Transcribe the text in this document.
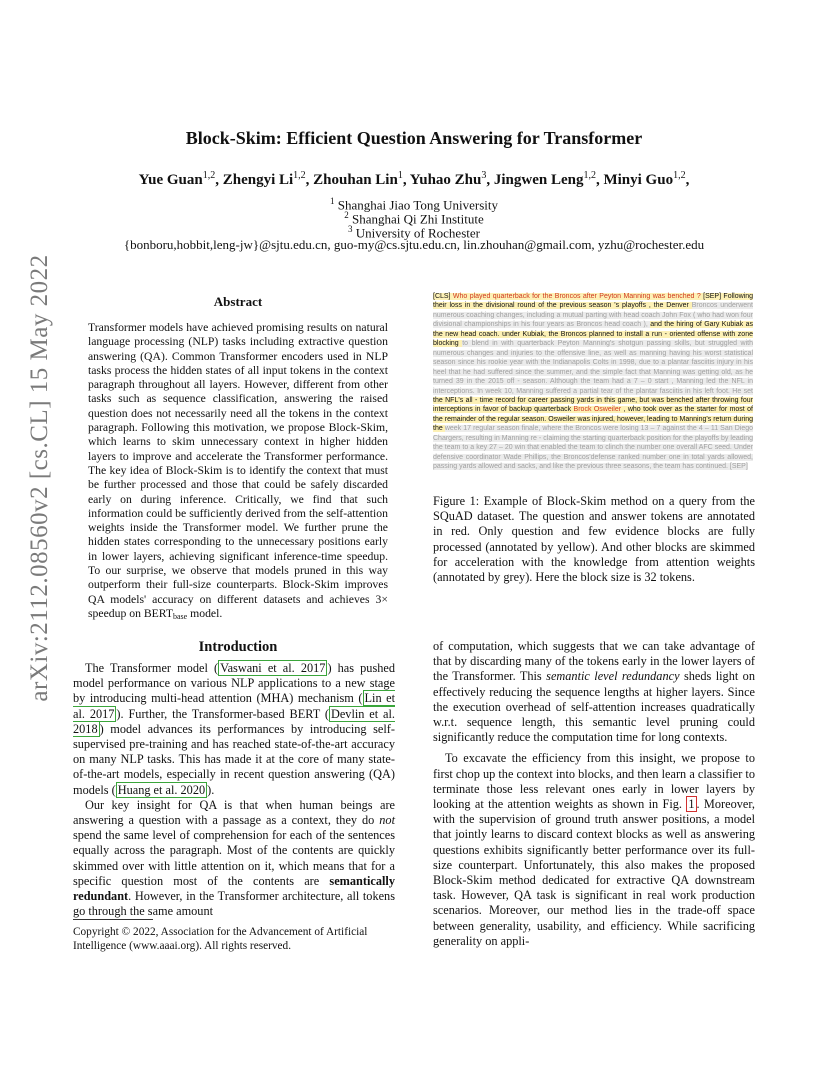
arXiv:2112.08560v2 [cs.CL] 15 May 2022
Block-Skim: Efficient Question Answering for Transformer
Yue Guan$^{1,2}$, Zhengyi Li$^{1,2}$, Zhouhan Lin$^1$, Yuhao Zhu$^3$, Jingwen Leng$^{1,2}$, Minyi Guo$^{1,2}$,
$^1$ Shanghai Jiao Tong University
$^2$ Shanghai Qi Zhi Institute
$^3$ University of Rochester
{bonboru,hobbit,leng-jw}@sjtu.edu.cn, guo-my@cs.sjtu.edu.cn, lin.zhouhan@gmail.com, yzhu@rochester.edu
Abstract

Transformer models have achieved promising results on natural language processing (NLP) tasks including extractive question answering (QA). Common Transformer encoders used in NLP tasks process the hidden states of all input tokens in the context paragraph throughout all layers. However, different from other tasks such as sequence classification, answering the raised question does not necessarily need all the tokens in the context paragraph. Following this motivation, we propose Block-Skim, which learns to skim unnecessary context in higher hidden layers to improve and accelerate the Transformer performance. The key idea of Block-Skim is to identify the context that must be further processed and those that could be safely discarded early on during inference. Critically, we find that such information could be sufficiently derived from the self-attention weights inside the Transformer model. We further prune the hidden states corresponding to the unnecessary positions early in lower layers, achieving significant inference-time speedup. To our surprise, we observe that models pruned in this way outperform their full-size counterparts. Block-Skim improves QA models' accuracy on different datasets and achieves 3× speedup on $BERT_{base}$ model.

Introduction

The Transformer model ( Vaswani et al. 2017 ) has pushed model performance on various NLP applications to a new stage by introducing multi-head attention (MHA) mechanism ( Lin et al. 2017 ). Further, the Transformer-based BERT ( Devlin et al. 2018 ) model advances its performances by introducing self-supervised pre-training and has reached state-of-the-art accuracy on many NLP tasks. This has made it at the core of many state-of-the-art models, especially in recent question answering (QA) models ( Huang et al. 2020 ).

Our key insight for QA is that when human beings are answering a question with a passage as a context, they do not spend the same level of comprehension for each of the sentences equally across the paragraph. Most of the contents are quickly skimmed over with little attention on it, which means that for a specific question most of the contents are semantically redundant. However, in the Transformer architecture, all tokens go through the same amount

of computation, which suggests that we can take advantage of that by discarding many of the tokens early in the lower layers of the Transformer. This semantic level redundancy sheds light on effectively reducing the sequence lengths at higher layers. Since the execution overhead of self-attention increases quadratically w.r.t. sequence length, this semantic level pruning could significantly reduce the computation time for long contexts.

To excavate the efficiency from this insight, we propose to first chop up the context into blocks, and then learn a classifier to terminate those less relevant ones early in lower layers by looking at the attention weights as shown in Fig. 1 . Moreover, with the supervision of ground truth answer positions, a model that jointly learns to discard context blocks as well as answering questions exhibits significantly better performance over its full-size counterpart. Unfortunately, this also makes the proposed Block-Skim method dedicated for extractive QA downstream task. However, QA task is significant in real work production scenarios. Moreover, our method lies in the trade-off space between generality, usability, and efficiency. While sacrificing generality on appli-

[CLS] Who played quarterback for the Broncos after Peyton Manning was benched ? [SEP] Following their loss in the divisional round of the previous season 's playoffs , the Denver Broncos underwent numerous coaching changes, including a mutual parting with head coach John Fox ( who had won four divisional championships in his four years as Broncos head coach ), and the hiring of Gary Kubiak as the new head coach. under Kubiak, the Broncos planned to install a run - oriented offense with zone blocking to blend in with quarterback Peyton Manning's shotgun passing skills, but struggled with numerous changes and injuries to the offensive line, as well as manning having his worst statistical season since his rookie year with the Indianapolis Colts in 1998, due to a plantar fasciitis injury in his heel that he had suffered since the summer, and the simple fact that Manning was getting old, as he turned 39 in the 2015 off - season. Although the team had a 7 – 0 start , Manning led the NFL in interceptions. In week 10, Manning suffered a partial tear of the plantar fasciitis in his left foot. He set the NFL's all - time record for career passing yards in this game, but was benched after throwing four interceptions in favor of backup quarterback Brock Osweiler , who took over as the starter for most of the remainder of the regular season. Osweiler was injured, however, leading to Manning's return during the week 17 regular season finale, where the Broncos were losing 13 – 7 against the 4 – 11 San Diego Chargers, resulting in Manning re - claiming the starting quarterback position for the playoffs by leading the team to a key 27 – 20 win that enabled the team to clinch the number one overall AFC seed. Under defensive coordinator Wade Phillips, the Broncos'defense ranked number one in total yards allowed, passing yards allowed and sacks, and like the previous three seasons, the team has continued. [SEP]
Figure 1: Example of Block-Skim method on a query from the SQuAD dataset. The question and answer tokens are annotated in red. Only question and few evidence blocks are fully processed (annotated by yellow). And other blocks are skimmed for acceleration with the knowledge from attention weights (annotated by grey). Here the block size is 32 tokens.
Copyright © 2022, Association for the Advancement of Artificial Intelligence (www.aaai.org). All rights reserved.
